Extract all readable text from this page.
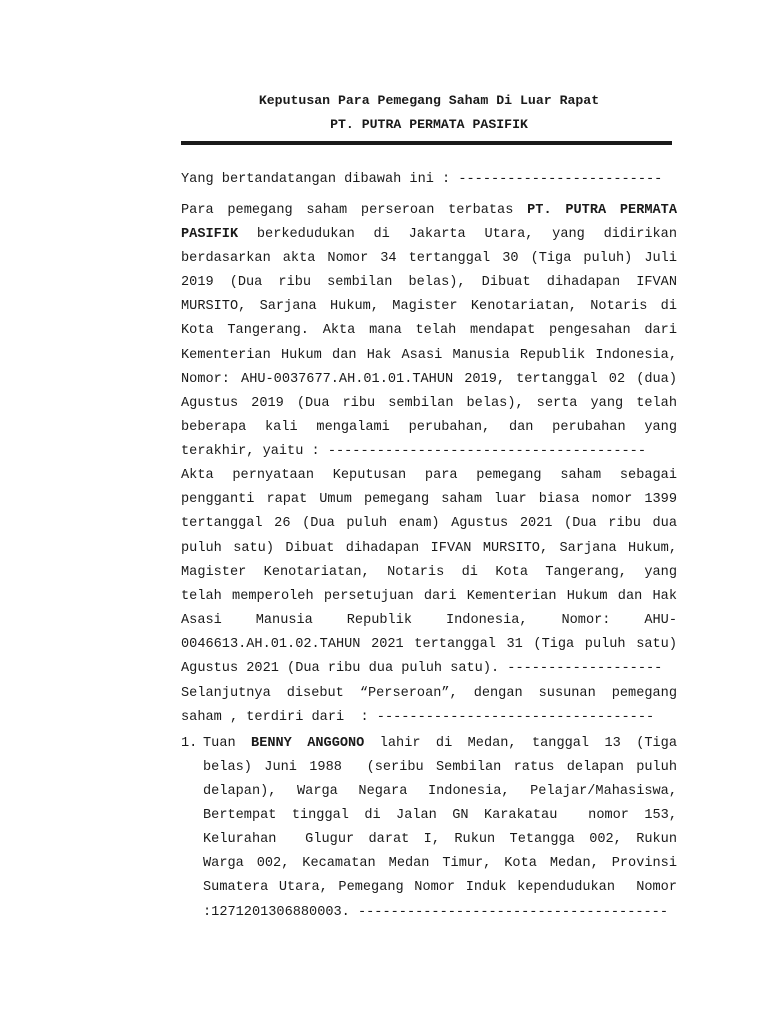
Keputusan Para Pemegang Saham Di Luar Rapat
PT. PUTRA PERMATA PASIFIK
Yang bertandatangan dibawah ini : -------------------------
Para pemegang saham perseroan terbatas PT. PUTRA PERMATA
PASIFIK berkedudukan di Jakarta Utara, yang didirikan
berdasarkan akta Nomor 34 tertanggal 30 (Tiga puluh) Juli
2019 (Dua ribu sembilan belas), Dibuat dihadapan IFVAN
MURSITO, Sarjana Hukum, Magister Kenotariatan, Notaris di
Kota Tangerang. Akta mana telah mendapat pengesahan dari
Kementerian Hukum dan Hak Asasi Manusia Republik Indonesia,
Nomor: AHU-0037677.AH.01.01.TAHUN 2019, tertanggal 02 (dua)
Agustus 2019 (Dua ribu sembilan belas), serta yang telah
beberapa kali mengalami perubahan, dan perubahan yang
terakhir, yaitu : ---------------------------------------
Akta pernyataan Keputusan para pemegang saham sebagai
pengganti rapat Umum pemegang saham luar biasa nomor 1399
tertanggal 26 (Dua puluh enam) Agustus 2021 (Dua ribu dua
puluh satu) Dibuat dihadapan IFVAN MURSITO, Sarjana Hukum,
Magister Kenotariatan, Notaris di Kota Tangerang, yang
telah memperoleh persetujuan dari Kementerian Hukum dan Hak
Asasi Manusia Republik Indonesia, Nomor: AHU-
0046613.AH.01.02.TAHUN 2021 tertanggal 31 (Tiga puluh satu)
Agustus 2021 (Dua ribu dua puluh satu). -------------------
Selanjutnya disebut “Perseroan”, dengan susunan pemegang
saham , terdiri dari  : ----------------------------------
1. Tuan BENNY ANGGONO lahir di Medan, tanggal 13 (Tiga
belas) Juni 1988  (seribu Sembilan ratus delapan puluh
delapan), Warga Negara Indonesia, Pelajar/Mahasiswa,
Bertempat tinggal di Jalan GN Karakatau  nomor 153,
Kelurahan  Glugur darat I, Rukun Tetangga 002, Rukun
Warga 002, Kecamatan Medan Timur, Kota Medan, Provinsi
Sumatera Utara, Pemegang Nomor Induk kependudukan  Nomor
:1271201306880003. --------------------------------------
